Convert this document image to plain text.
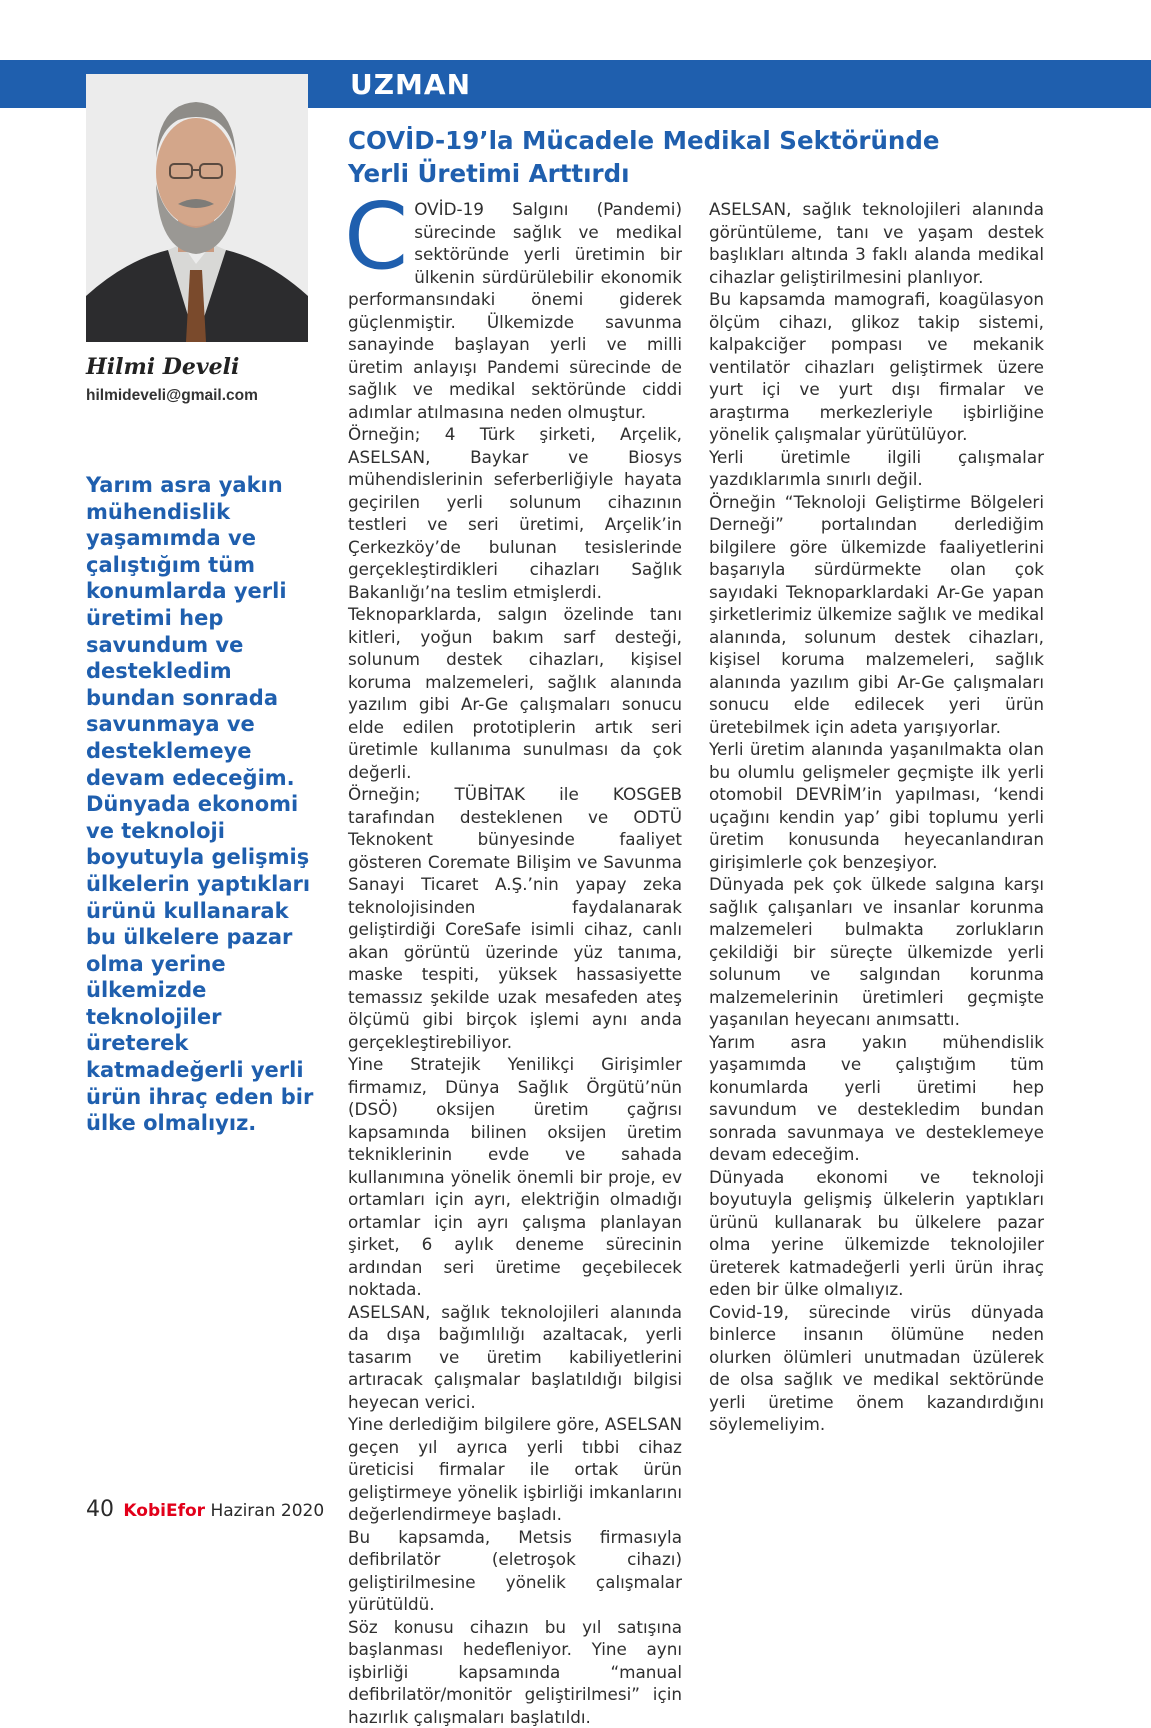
UZMAN
COVİD-19’la Mücadele Medikal Sektöründe
Yerli Üretimi Arttırdı
Hilmi Develi
hilmideveli@gmail.com

Yarım asra yakın mühendislik yaşamımda ve çalıştığım tüm konumlarda yerli üretimi hep savundum ve destekledim bundan sonrada savunmaya ve desteklemeye devam edeceğim. Dünyada ekonomi ve teknoloji boyutuyla gelişmiş ülkelerin yaptıkları ürünü kullanarak bu ülkelere pazar olma yerine ülkemizde teknolojiler üreterek katmadeğerli yerli ürün ihraç eden bir ülke olmalıyız.

COVİD-19 Salgını (Pandemi) sürecinde sağlık ve medikal sektöründe yerli üretimin bir ülkenin sürdürülebilir ekonomik performansındaki önemi giderek güçlenmiştir. Ülkemizde savunma sanayinde başlayan yerli ve milli üretim anlayışı Pandemi sürecinde de sağlık ve medikal sektöründe ciddi adımlar atılmasına neden olmuştur.

Örneğin; 4 Türk şirketi, Arçelik, ASELSAN, Baykar ve Biosys mühendislerinin seferberliğiyle hayata geçirilen yerli solunum cihazının testleri ve seri üretimi, Arçelik’in Çerkezköy’de bulunan tesislerinde gerçekleştirdikleri cihazları Sağlık Bakanlığı’na teslim etmişlerdi.

Teknoparklarda, salgın özelinde tanı kitleri, yoğun bakım sarf desteği, solunum destek cihazları, kişisel koruma malzemeleri, sağlık alanında yazılım gibi Ar-Ge çalışmaları sonucu elde edilen prototiplerin artık seri üretimle kullanıma sunulması da çok değerli.

Örneğin; TÜBİTAK ile KOSGEB tarafından desteklenen ve ODTÜ Teknokent bünyesinde faaliyet gösteren Coremate Bilişim ve Savunma Sanayi Ticaret A.Ş.’nin yapay zeka teknolojisinden faydalanarak geliştirdiği CoreSafe isimli cihaz, canlı akan görüntü üzerinde yüz tanıma, maske tespiti, yüksek hassasiyette temassız şekilde uzak mesafeden ateş ölçümü gibi birçok işlemi aynı anda gerçekleştirebiliyor.

Yine Stratejik Yenilikçi Girişimler firmamız, Dünya Sağlık Örgütü’nün (DSÖ) oksijen üretim çağrısı kapsamında bilinen oksijen üretim tekniklerinin evde ve sahada kullanımına yönelik önemli bir proje, ev ortamları için ayrı, elektriğin olmadığı ortamlar için ayrı çalışma planlayan şirket, 6 aylık deneme sürecinin ardından seri üretime geçebilecek noktada.

ASELSAN, sağlık teknolojileri alanında da dışa bağımlılığı azaltacak, yerli tasarım ve üretim kabiliyetlerini artıracak çalışmalar başlatıldığı bilgisi heyecan verici.

Yine derlediğim bilgilere göre, ASELSAN geçen yıl ayrıca yerli tıbbi cihaz üreticisi firmalar ile ortak ürün geliştirmeye yönelik işbirliği imkanlarını değerlendirmeye başladı.

Bu kapsamda, Metsis firmasıyla defibrilatör (eletroşok cihazı) geliştirilmesine yönelik çalışmalar yürütüldü.

Söz konusu cihazın bu yıl satışına başlanması hedefleniyor. Yine aynı işbirliği kapsamında “manual defibrilatör/monitör geliştirilmesi” için hazırlık çalışmaları başlatıldı.

ASELSAN, sağlık teknolojileri alanında görüntüleme, tanı ve yaşam destek başlıkları altında 3 faklı alanda medikal cihazlar geliştirilmesini planlıyor.

Bu kapsamda mamografi, koagülasyon ölçüm cihazı, glikoz takip sistemi, kalpakciğer pompası ve mekanik ventilatör cihazları geliştirmek üzere yurt içi ve yurt dışı firmalar ve araştırma merkezleriyle işbirliğine yönelik çalışmalar yürütülüyor.

Yerli üretimle ilgili çalışmalar yazdıklarımla sınırlı değil.

Örneğin “Teknoloji Geliştirme Bölgeleri Derneği” portalından derlediğim bilgilere göre ülkemizde faaliyetlerini başarıyla sürdürmekte olan çok sayıdaki Teknoparklardaki Ar-Ge yapan şirketlerimiz ülkemize sağlık ve medikal alanında, solunum destek cihazları, kişisel koruma malzemeleri, sağlık alanında yazılım gibi Ar-Ge çalışmaları sonucu elde edilecek yeri ürün üretebilmek için adeta yarışıyorlar.

Yerli üretim alanında yaşanılmakta olan bu olumlu gelişmeler geçmişte ilk yerli otomobil DEVRİM’in yapılması, ‘kendi uçağını kendin yap’ gibi toplumu yerli üretim konusunda heyecanlandıran girişimlerle çok benzeşiyor.

Dünyada pek çok ülkede salgına karşı sağlık çalışanları ve insanlar korunma malzemeleri bulmakta zorlukların çekildiği bir süreçte ülkemizde yerli solunum ve salgından korunma malzemelerinin üretimleri geçmişte yaşanılan heyecanı anımsattı.

Yarım asra yakın mühendislik yaşamımda ve çalıştığım tüm konumlarda yerli üretimi hep savundum ve destekledim bundan sonrada savunmaya ve desteklemeye devam edeceğim.

Dünyada ekonomi ve teknoloji boyutuyla gelişmiş ülkelerin yaptıkları ürünü kullanarak bu ülkelere pazar olma yerine ülkemizde teknolojiler üreterek katmadeğerli yerli ürün ihraç eden bir ülke olmalıyız.

Covid-19, sürecinde virüs dünyada binlerce insanın ölümüne neden olurken ölümleri unutmadan üzülerek de olsa sağlık ve medikal sektöründe yerli üretime önem kazandırdığını söylemeliyim.

40 KobiEfor Haziran 2020
